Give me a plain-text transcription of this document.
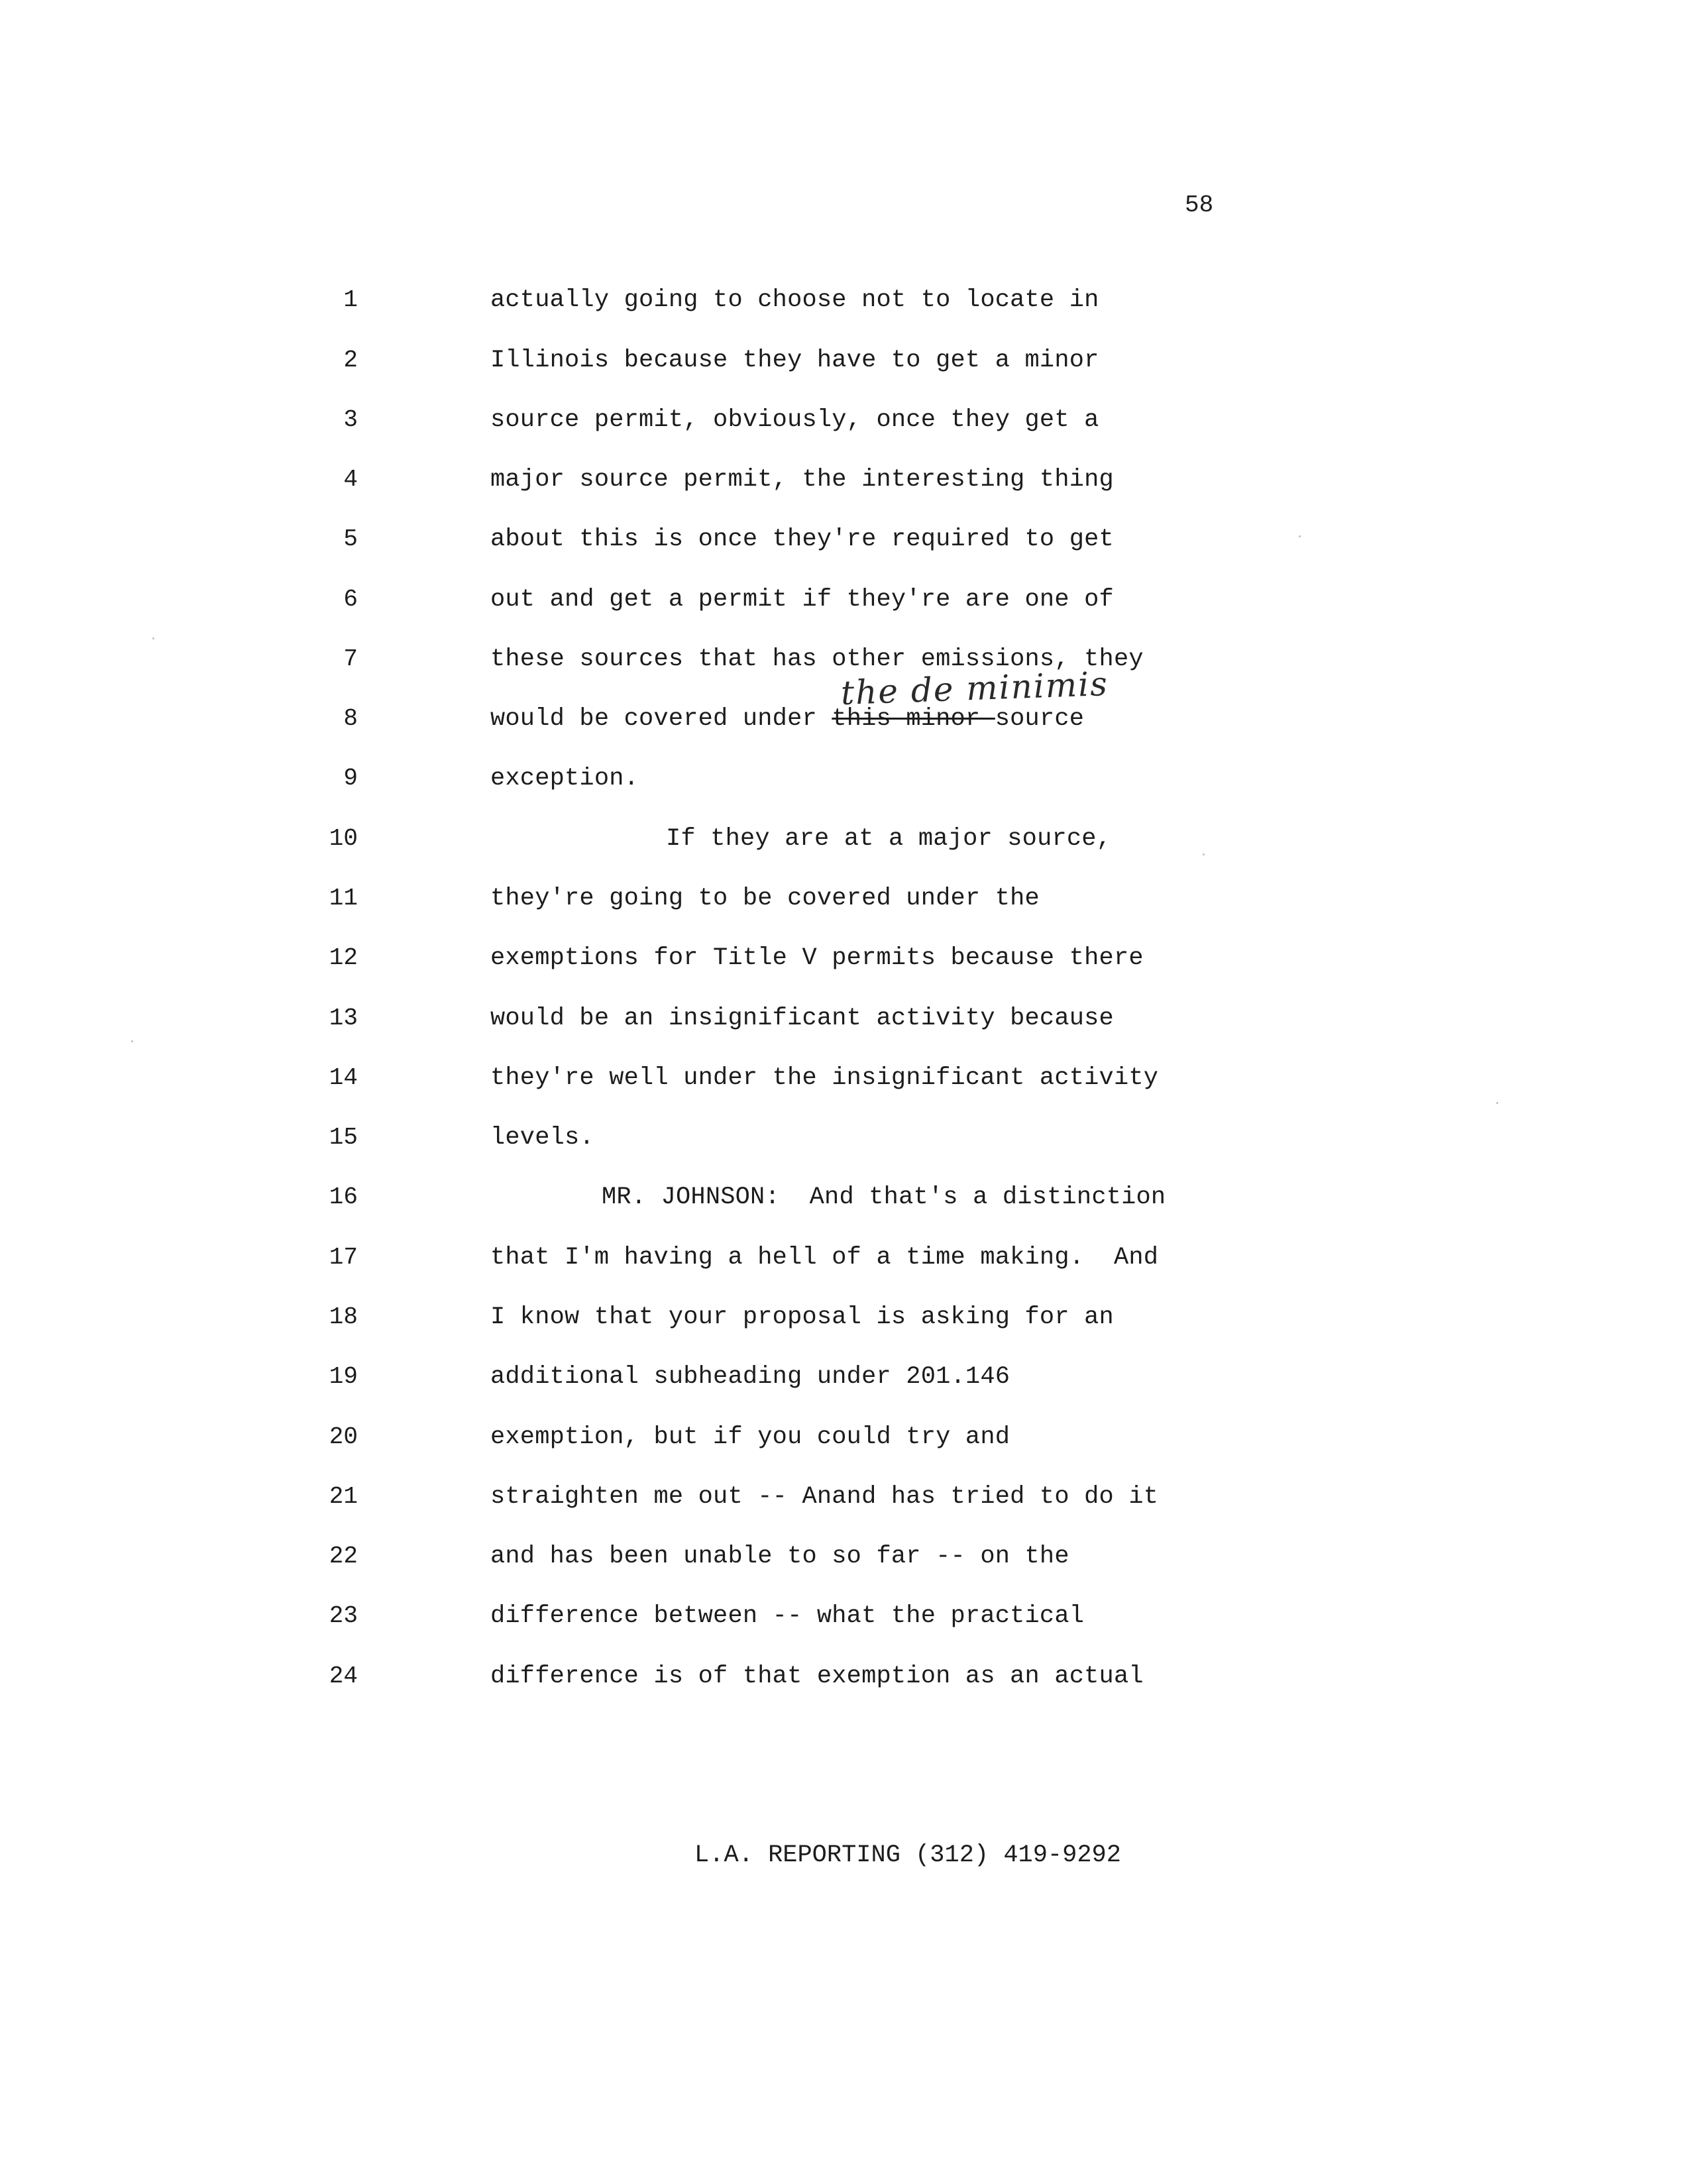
58
1	actually going to choose not to locate in
2	Illinois because they have to get a minor
3	source permit, obviously, once they get a
4	major source permit, the interesting thing
5	about this is once they're required to get
6	out and get a permit if they're are one of
7	these sources that has other emissions, they
8	would be covered under this minor source
9	exception.
10	If they are at a major source,
11	they're going to be covered under the
12	exemptions for Title V permits because there
13	would be an insignificant activity because
14	they're well under the insignificant activity
15	levels.
16	MR. JOHNSON:  And that's a distinction
17	that I'm having a hell of a time making.  And
18	I know that your proposal is asking for an
19	additional subheading under 201.146
20	exemption, but if you could try and
21	straighten me out -- Anand has tried to do it
22	and has been unable to so far -- on the
23	difference between -- what the practical
24	difference is of that exemption as an actual
the de minimis
L.A. REPORTING (312) 419-9292
